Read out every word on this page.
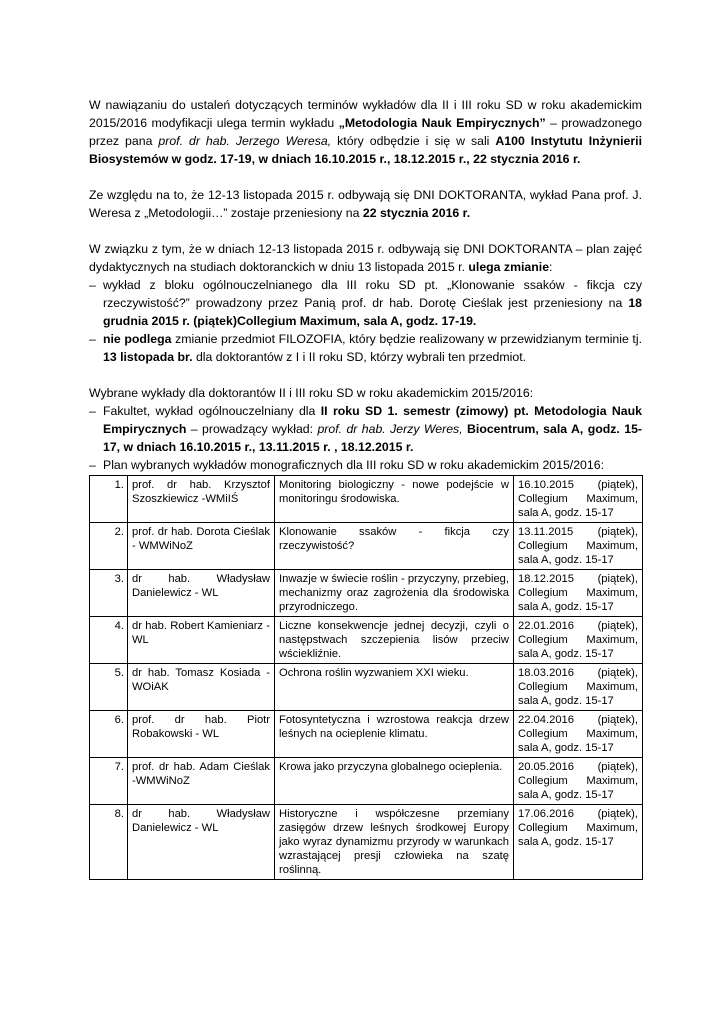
W nawiązaniu do ustaleń dotyczących terminów wykładów dla II i III roku SD w roku akademickim 2015/2016 modyfikacji ulega termin wykładu „Metodologia Nauk Empirycznych” – prowadzonego przez pana prof. dr hab. Jerzego Weresa, który odbędzie i się w sali A100 Instytutu Inżynierii Biosystemów w godz. 17-19, w dniach 16.10.2015 r., 18.12.2015 r., 22 stycznia 2016 r.

Ze względu na to, że 12-13 listopada 2015 r. odbywają się DNI DOKTORANTA, wykład Pana prof. J. Weresa z „Metodologii…” zostaje przeniesiony na 22 stycznia 2016 r.

W związku z tym, że w dniach 12-13 listopada 2015 r. odbywają się DNI DOKTORANTA – plan zajęć dydaktycznych na studiach doktoranckich w dniu 13 listopada 2015 r. ulega zmianie:

– wykład z bloku ogólnouczelnianego dla III roku SD pt. „Klonowanie ssaków - fikcja czy rzeczywistość?” prowadzony przez Panią prof. dr hab. Dorotę Cieślak jest przeniesiony na 18 grudnia 2015 r. (piątek)Collegium Maximum, sala A, godz. 17-19.
– nie podlega zmianie przedmiot FILOZOFIA, który będzie realizowany w przewidzianym terminie tj. 13 listopada br. dla doktorantów z I i II roku SD, którzy wybrali ten przedmiot.

Wybrane wykłady dla doktorantów II i III roku SD w roku akademickim 2015/2016:

– Fakultet, wykład ogólnouczelniany dla II roku SD 1. semestr (zimowy) pt. Metodologia Nauk Empirycznych – prowadzący wykład: prof. dr hab. Jerzy Weres, Biocentrum, sala A, godz. 15-17, w dniach 16.10.2015 r., 13.11.2015 r. , 18.12.2015 r.
– Plan wybranych wykładów monograficznych dla III roku SD w roku akademickim 2015/2016:
1.	prof. dr hab. Krzysztof Szoszkiewicz -WMiIŚ	Monitoring biologiczny - nowe podejście w monitoringu środowiska.	16.10.2015 (piątek), Collegium Maximum, sala A, godz. 15-17
2.	prof. dr hab. Dorota Cieślak - WMWiNoZ	Klonowanie ssaków - fikcja czy rzeczywistość?	13.11.2015 (piątek), Collegium Maximum, sala A, godz. 15-17
3.	dr hab. Władysław Danielewicz - WL	Inwazje w świecie roślin - przyczyny, przebieg, mechanizmy oraz zagrożenia dla środowiska przyrodniczego.	18.12.2015 (piątek), Collegium Maximum, sala A, godz. 15-17
4.	dr hab. Robert Kamieniarz - WL	Liczne konsekwencje jednej decyzji, czyli o następstwach szczepienia lisów przeciw wściekliźnie.	22.01.2016 (piątek), Collegium Maximum, sala A, godz. 15-17
5.	dr hab. Tomasz Kosiada - WOiAK	Ochrona roślin wyzwaniem XXI wieku.	18.03.2016 (piątek), Collegium Maximum, sala A, godz. 15-17
6.	prof. dr hab. Piotr Robakowski - WL	Fotosyntetyczna i wzrostowa reakcja drzew leśnych na ocieplenie klimatu.	22.04.2016 (piątek), Collegium Maximum, sala A, godz. 15-17
7.	prof. dr hab. Adam Cieślak -WMWiNoZ	Krowa jako przyczyna globalnego ocieplenia.	20.05.2016 (piątek), Collegium Maximum, sala A, godz. 15-17
8.	dr hab. Władysław Danielewicz - WL	Historyczne i współczesne przemiany zasięgów drzew leśnych środkowej Europy jako wyraz dynamizmu przyrody w warunkach wzrastającej presji człowieka na szatę roślinną.	17.06.2016 (piątek), Collegium Maximum, sala A, godz. 15-17
